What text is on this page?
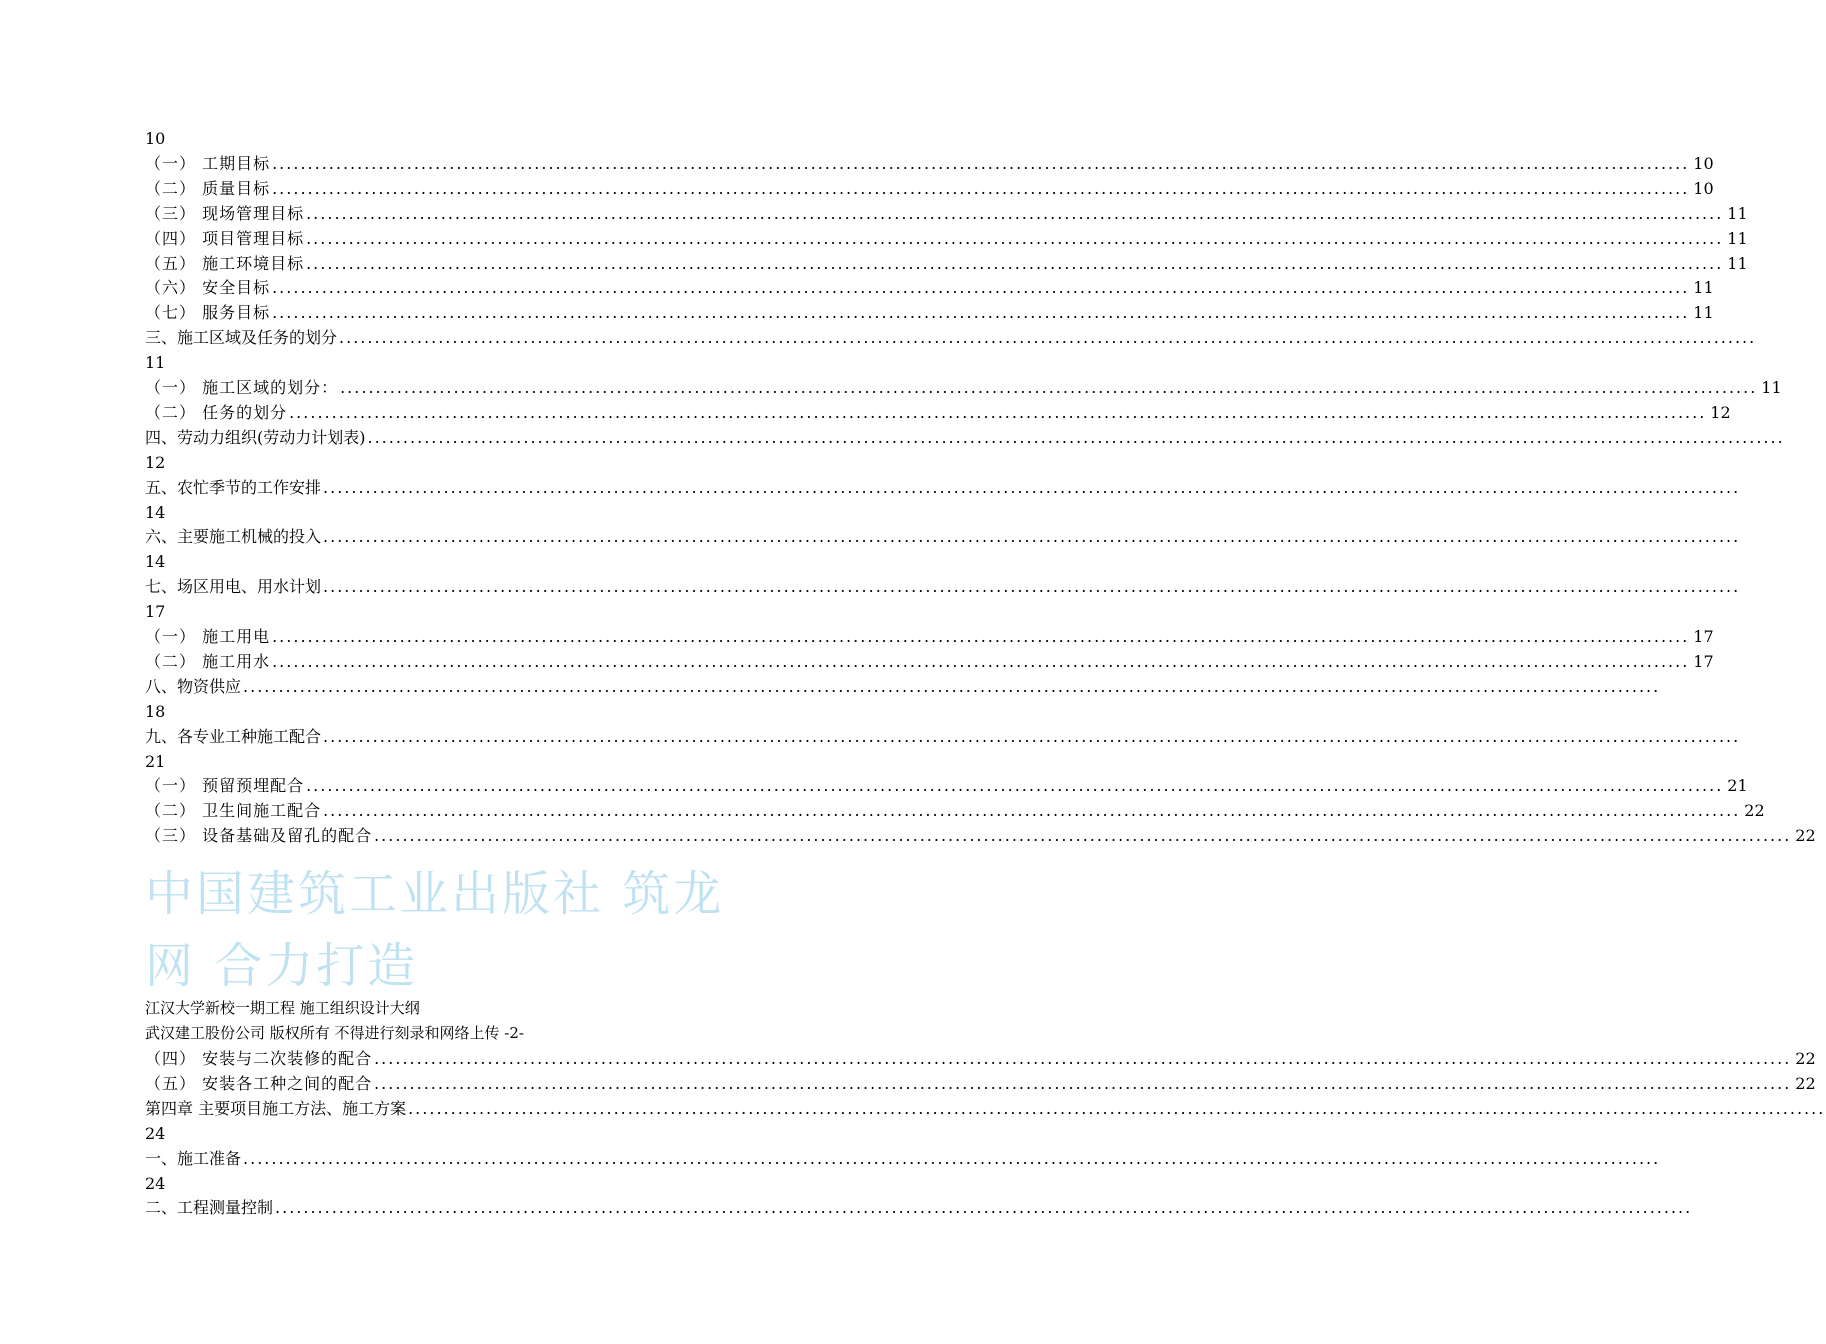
10
（一） 工期目标 ........................................................................................................................................................................................................ 10
（二） 质量目标 ........................................................................................................................................................................................................ 10
（三） 现场管理目标 ........................................................................................................................................................................................................ 11
（四） 项目管理目标 ........................................................................................................................................................................................................ 11
（五） 施工环境目标 ........................................................................................................................................................................................................ 11
（六） 安全目标 ........................................................................................................................................................................................................ 11
（七） 服务目标 ........................................................................................................................................................................................................ 11
三、施工区域及任务的划分 ........................................................................................................................................................................................................
11
（一） 施工区域的划分： ........................................................................................................................................................................................................ 11
（二） 任务的划分 ........................................................................................................................................................................................................ 12
四、劳动力组织(劳动力计划表) ........................................................................................................................................................................................................
12
五、农忙季节的工作安排 ........................................................................................................................................................................................................
14
六、主要施工机械的投入 ........................................................................................................................................................................................................
14
七、场区用电、用水计划 ........................................................................................................................................................................................................
17
（一） 施工用电 ........................................................................................................................................................................................................ 17
（二） 施工用水 ........................................................................................................................................................................................................ 17
八、物资供应 ........................................................................................................................................................................................................
18
九、各专业工种施工配合 ........................................................................................................................................................................................................
21
（一） 预留预埋配合 ........................................................................................................................................................................................................ 21
（二） 卫生间施工配合 ........................................................................................................................................................................................................ 22
（三） 设备基础及留孔的配合 ........................................................................................................................................................................................................ 22
中国建筑工业出版社 筑龙
网 合力打造
江汉大学新校一期工程 施工组织设计大纲
武汉建工股份公司 版权所有 不得进行刻录和网络上传 -2-
（四） 安装与二次装修的配合 ........................................................................................................................................................................................................ 22
（五） 安装各工种之间的配合 ........................................................................................................................................................................................................ 22
第四章 主要项目施工方法、施工方案 ........................................................................................................................................................................................................
24
一、施工准备 ........................................................................................................................................................................................................
24
二、工程测量控制 ........................................................................................................................................................................................................
